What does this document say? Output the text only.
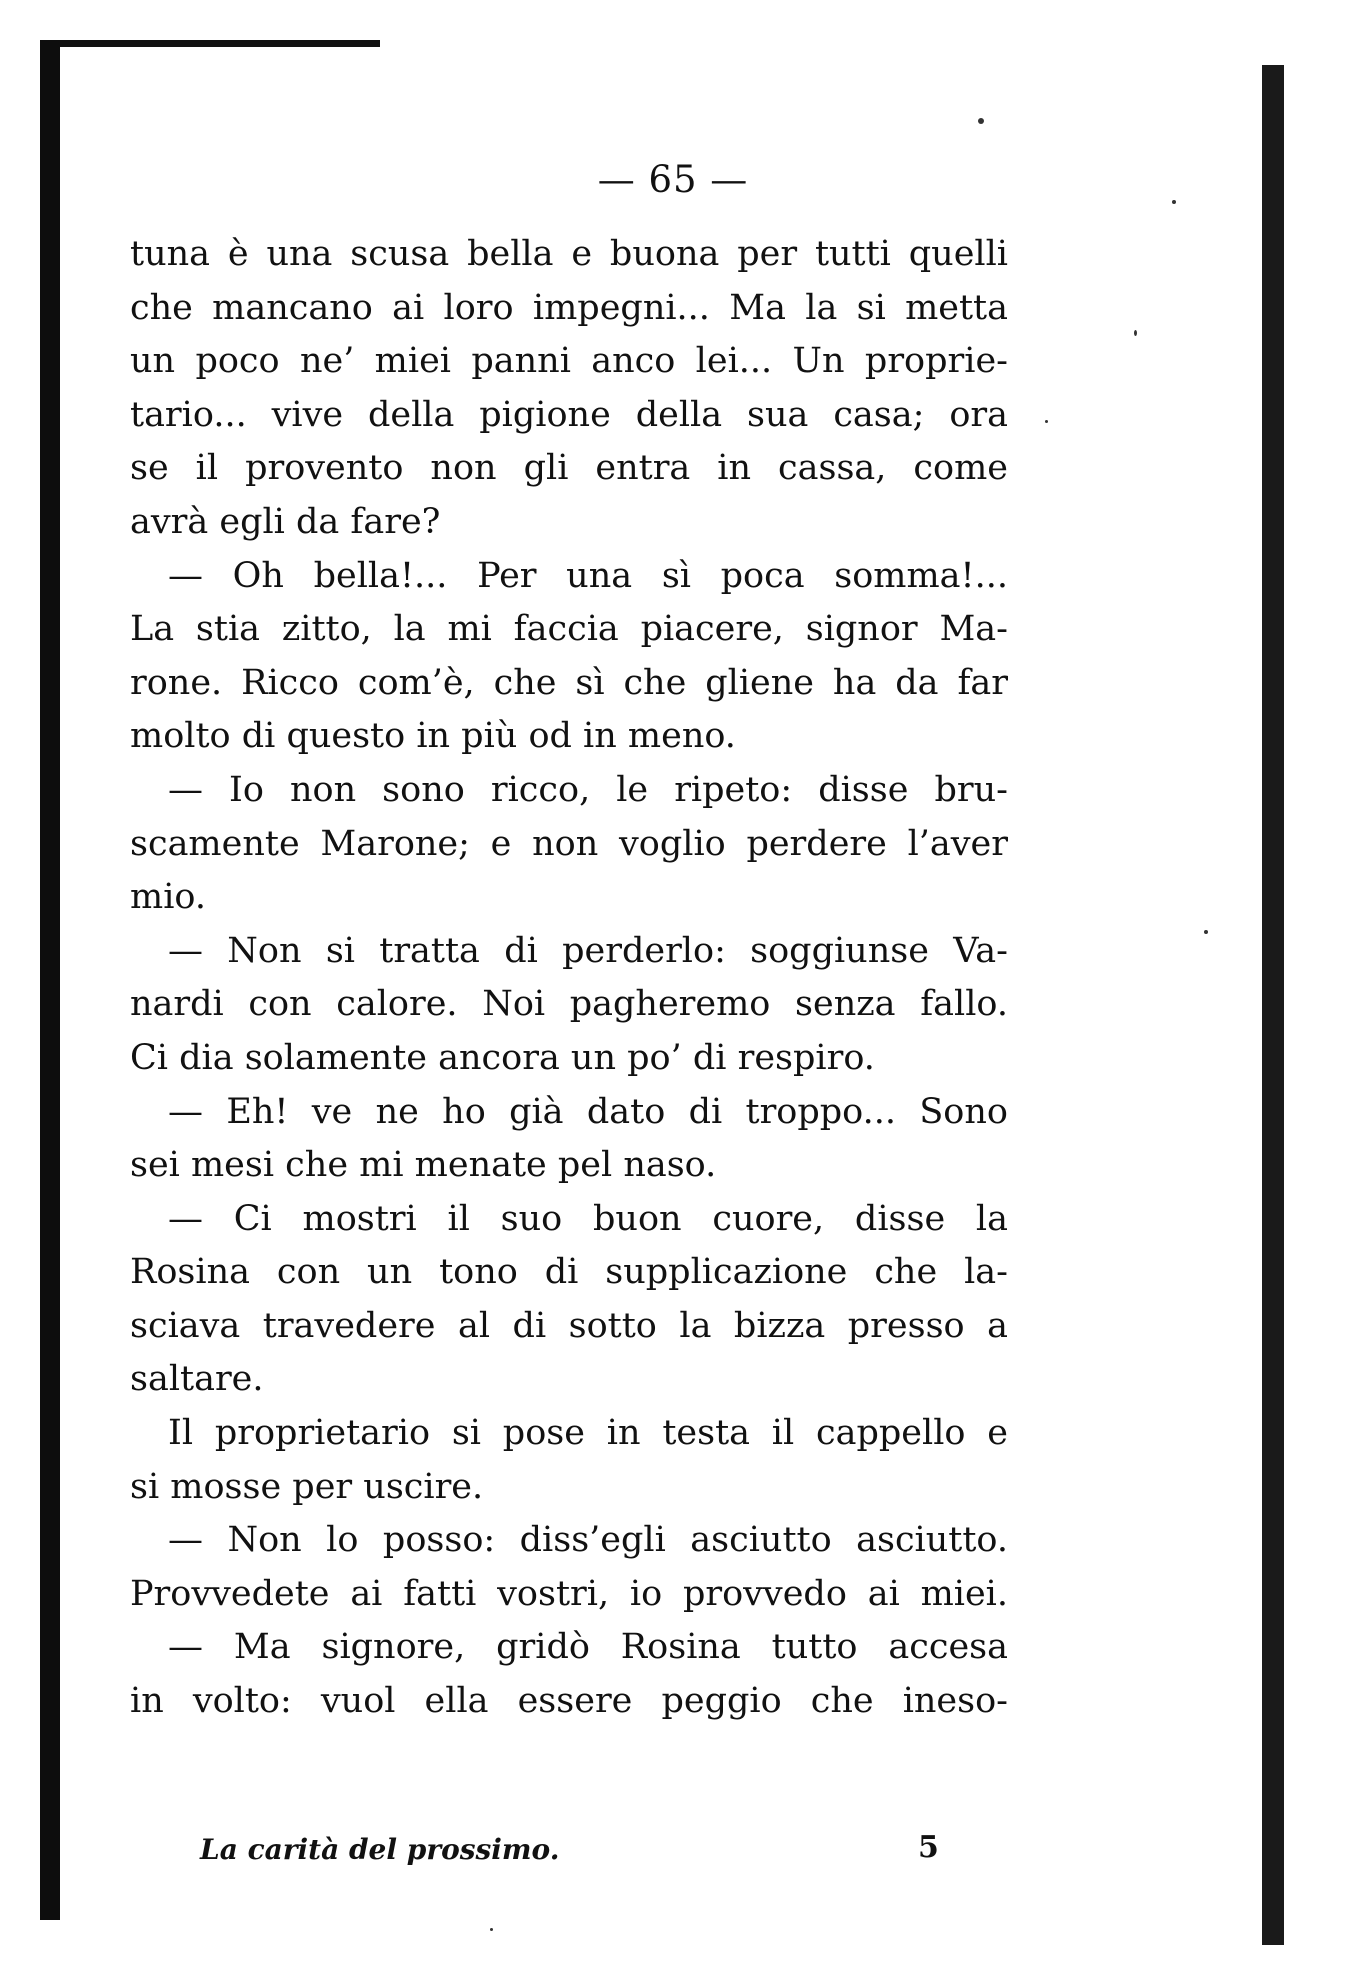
— 65 —
tuna è una scusa bella e buona per tutti quelli
che mancano ai loro impegni... Ma la si metta
un poco ne’ miei panni anco lei... Un proprie-
tario... vive della pigione della sua casa; ora
se il provento non gli entra in cassa, come
avrà egli da fare?
— Oh bella!... Per una sì poca somma!...
La stia zitto, la mi faccia piacere, signor Ma-
rone. Ricco com’è, che sì che gliene ha da far
molto di questo in più od in meno.
— Io non sono ricco, le ripeto: disse bru-
scamente Marone; e non voglio perdere l’aver
mio.
— Non si tratta di perderlo: soggiunse Va-
nardi con calore. Noi pagheremo senza fallo.
Ci dia solamente ancora un po’ di respiro.
— Eh! ve ne ho già dato di troppo... Sono
sei mesi che mi menate pel naso.
— Ci mostri il suo buon cuore, disse la
Rosina con un tono di supplicazione che la-
sciava travedere al di sotto la bizza presso a
saltare.
Il proprietario si pose in testa il cappello e
si mosse per uscire.
— Non lo posso: diss’egli asciutto asciutto.
Provvedete ai fatti vostri, io provvedo ai miei.
— Ma signore, gridò Rosina tutto accesa
in volto: vuol ella essere peggio che ineso-
La carità del prossimo.	5
